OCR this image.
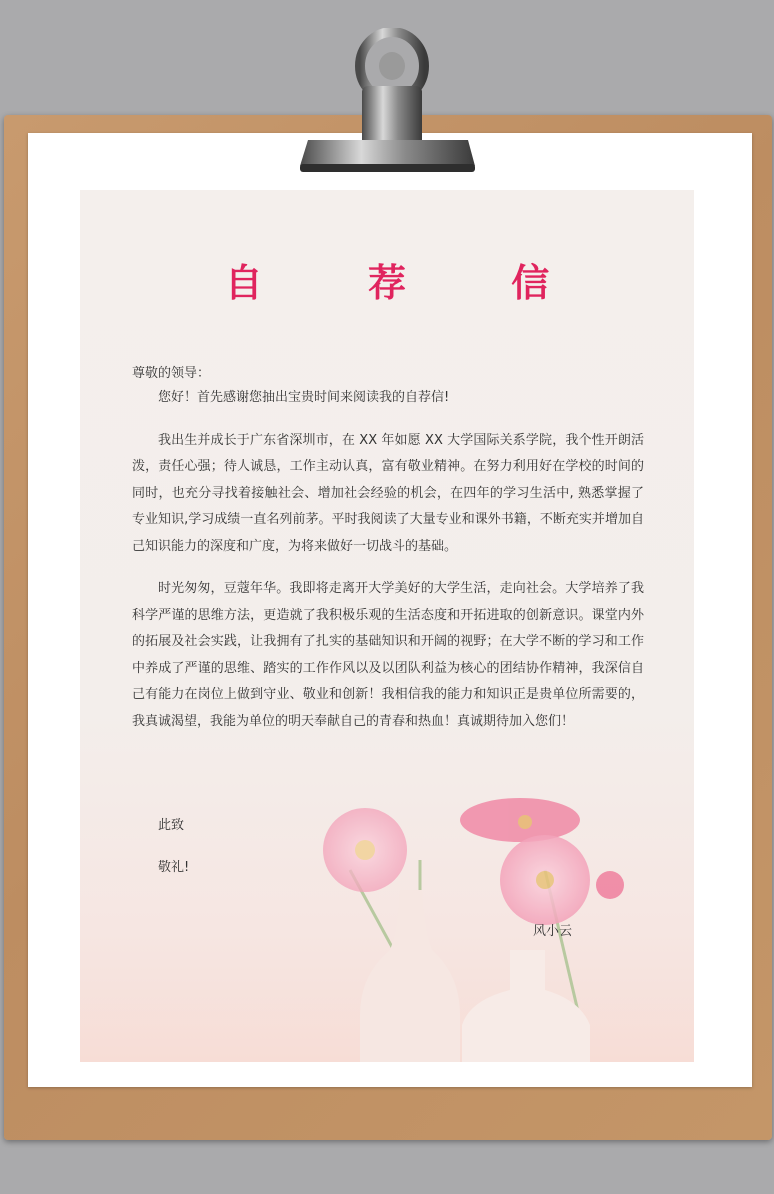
自 荐 信
尊敬的领导：

您好！首先感谢您抽出宝贵时间来阅读我的自荐信!

我出生并成长于广东省深圳市，在 XX 年如愿 XX 大学国际关系学院，我个性开朗活泼，责任心强；待人诚恳，工作主动认真，富有敬业精神。在努力利用好在学校的时间的同时，也充分寻找着接触社会、增加社会经验的机会，在四年的学习生活中, 熟悉掌握了专业知识,学习成绩一直名列前茅。平时我阅读了大量专业和课外书籍，不断充实并增加自己知识能力的深度和广度，为将来做好一切战斗的基础。

时光匆匆，豆蔻年华。我即将走离开大学美好的大学生活，走向社会。大学培养了我科学严谨的思维方法，更造就了我积极乐观的生活态度和开拓进取的创新意识。课堂内外的拓展及社会实践，让我拥有了扎实的基础知识和开阔的视野；在大学不断的学习和工作中养成了严谨的思维、踏实的工作作风以及以团队利益为核心的团结协作精神，我深信自己有能力在岗位上做到守业、敬业和创新！我相信我的能力和知识正是贵单位所需要的，我真诚渴望，我能为单位的明天奉献自己的青春和热血！真诚期待加入您们！

此致
敬礼!
风小云
